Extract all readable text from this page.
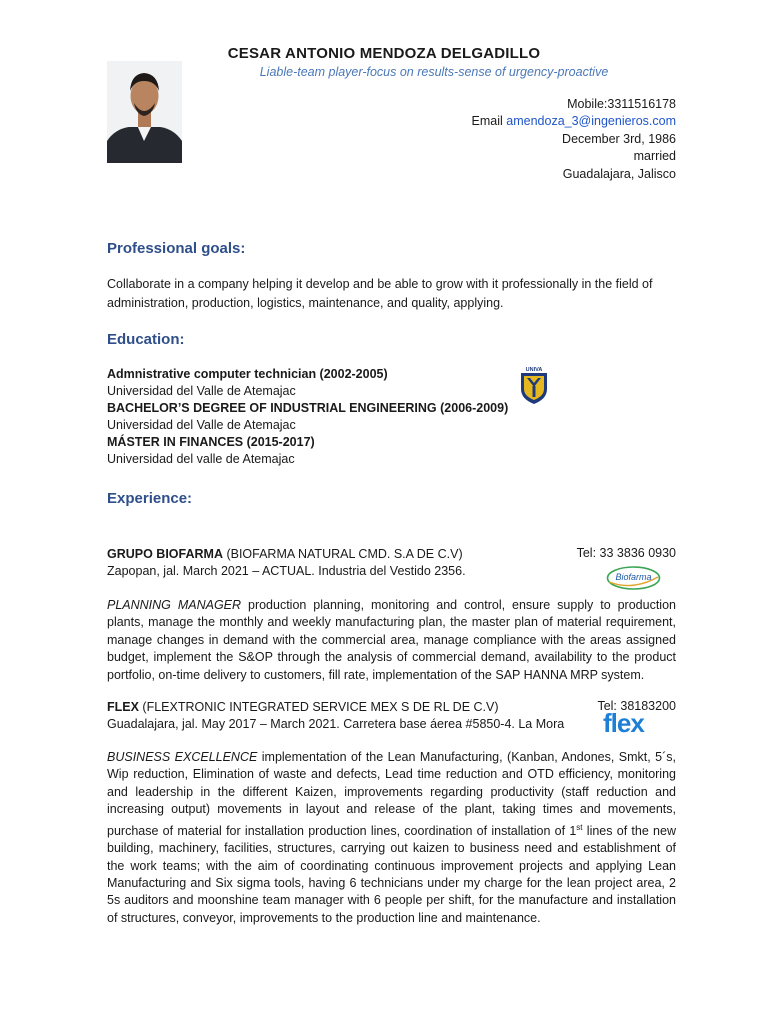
CESAR ANTONIO MENDOZA DELGADILLO
Liable-team player-focus on results-sense of urgency-proactive
Mobile:3311516178
Email amendoza_3@ingenieros.com
December 3rd, 1986
married
Guadalajara, Jalisco
Professional goals:
Collaborate in a company helping it develop and be able to grow with it professionally in the field of administration, production, logistics, maintenance, and quality, applying.
Education:
Admnistrative computer technician (2002-2005)
Universidad del Valle de Atemajac
BACHELOR’S DEGREE OF INDUSTRIAL ENGINEERING (2006-2009)
Universidad del Valle de Atemajac
MÁSTER IN FINANCES (2015-2017)
Universidad del valle de Atemajac
UNIVA
Experience:
GRUPO BIOFARMA (BIOFARMA NATURAL CMD. S.A DE C.V)	Tel: 33 3836 0930
Zapopan, jal. March 2021 – ACTUAL. Industria del Vestido 2356.	Biofarma
PLANNING MANAGER production planning, monitoring and control, ensure supply to production plants, manage the monthly and weekly manufacturing plan, the master plan of material requirement, manage changes in demand with the commercial area, manage compliance with the areas assigned budget, implement the S&OP through the analysis of commercial demand, availability to the product portfolio, on-time delivery to customers, fill rate, implementation of the SAP HANNA MRP system.
FLEX (FLEXTRONIC INTEGRATED SERVICE MEX S DE RL DE C.V)	Tel: 38183200
Guadalajara, jal. May 2017 – March 2021. Carretera base áerea #5850-4. La Mora flex
BUSINESS EXCELLENCE implementation of the Lean Manufacturing, (Kanban, Andones, Smkt, 5´s, Wip reduction, Elimination of waste and defects, Lead time reduction and OTD efficiency, monitoring and leadership in the different Kaizen, improvements regarding productivity (staff reduction and increasing output) movements in layout and release of the plant, taking times and movements, purchase of material for installation production lines, coordination of installation of 1st lines of the new building, machinery, facilities, structures, carrying out kaizen to business need and establishment of the work teams; with the aim of coordinating continuous improvement projects and applying Lean Manufacturing and Six sigma tools, having 6 technicians under my charge for the lean project area, 2 5s auditors and moonshine team manager with 6 people per shift, for the manufacture and installation of structures, conveyor, improvements to the production line and maintenance.
